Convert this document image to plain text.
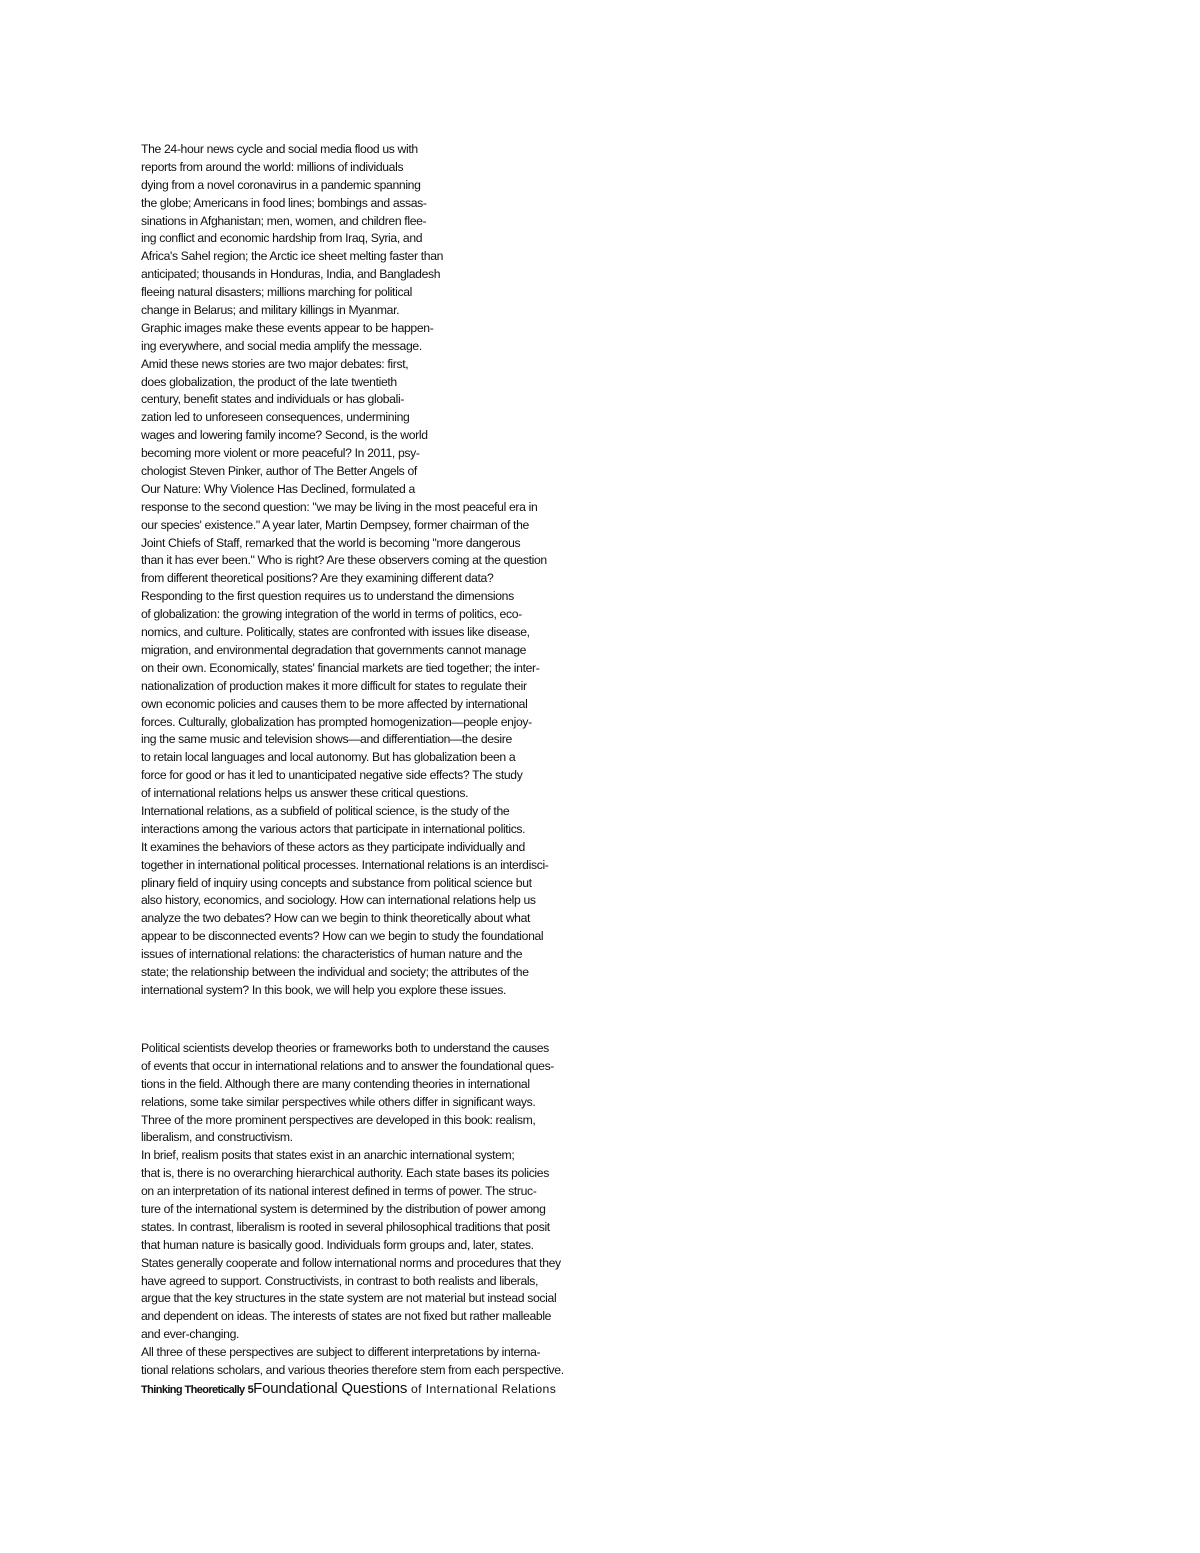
The 24-hour news cycle and social media flood us with
reports from around the world: millions of individuals
dying from a novel coronavirus in a pandemic spanning
the globe; Americans in food lines; bombings and assas-
sinations in Afghanistan; men, women, and children flee-
ing conflict and economic hardship from Iraq, Syria, and
Africa's Sahel region; the Arctic ice sheet melting faster than
anticipated; thousands in Honduras, India, and Bangladesh
fleeing natural disasters; millions marching for political
change in Belarus; and military killings in Myanmar.
Graphic images make these events appear to be happen-
ing everywhere, and social media amplify the message.
Amid these news stories are two major debates: first,
does globalization, the product of the late twentieth
century, benefit states and individuals or has globali-
zation led to unforeseen consequences, undermining
wages and lowering family income? Second, is the world
becoming more violent or more peaceful? In 2011, psy-
chologist Steven Pinker, author of The Better Angels of
Our Nature: Why Violence Has Declined, formulated a
response to the second question: "we may be living in the most peaceful era in
our species' existence." A year later, Martin Dempsey, former chairman of the
Joint Chiefs of Staff, remarked that the world is becoming "more dangerous
than it has ever been." Who is right? Are these observers coming at the question
from different theoretical positions? Are they examining different data?
Responding to the first question requires us to understand the dimensions
of globalization: the growing integration of the world in terms of politics, eco-
nomics, and culture. Politically, states are confronted with issues like disease,
migration, and environmental degradation that governments cannot manage
on their own. Economically, states' financial markets are tied together; the inter-
nationalization of production makes it more difficult for states to regulate their
own economic policies and causes them to be more affected by international
forces. Culturally, globalization has prompted homogenization—people enjoy-
ing the same music and television shows—and differentiation—the desire
to retain local languages and local autonomy. But has globalization been a
force for good or has it led to unanticipated negative side effects? The study
of international relations helps us answer these critical questions.
International relations, as a subfield of political science, is the study of the
interactions among the various actors that participate in international politics.
It examines the behaviors of these actors as they participate individually and
together in international political processes. International relations is an interdisci-
plinary field of inquiry using concepts and substance from political science but
also history, economics, and sociology. How can international relations help us
analyze the two debates? How can we begin to think theoretically about what
appear to be disconnected events? How can we begin to study the foundational
issues of international relations: the characteristics of human nature and the
state; the relationship between the individual and society; the attributes of the
international system? In this book, we will help you explore these issues.
Political scientists develop theories or frameworks both to understand the causes
of events that occur in international relations and to answer the foundational ques-
tions in the field. Although there are many contending theories in international
relations, some take similar perspectives while others differ in significant ways.
Three of the more prominent perspectives are developed in this book: realism,
liberalism, and constructivism.
In brief, realism posits that states exist in an anarchic international system;
that is, there is no overarching hierarchical authority. Each state bases its policies
on an interpretation of its national interest defined in terms of power. The struc-
ture of the international system is determined by the distribution of power among
states. In contrast, liberalism is rooted in several philosophical traditions that posit
that human nature is basically good. Individuals form groups and, later, states.
States generally cooperate and follow international norms and procedures that they
have agreed to support. Constructivists, in contrast to both realists and liberals,
argue that the key structures in the state system are not material but instead social
and dependent on ideas. The interests of states are not fixed but rather malleable
and ever-changing.
All three of these perspectives are subject to different interpretations by interna-
tional relations scholars, and various theories therefore stem from each perspective.
Thinking Theoretically 5Foundational Questions of International Relations
